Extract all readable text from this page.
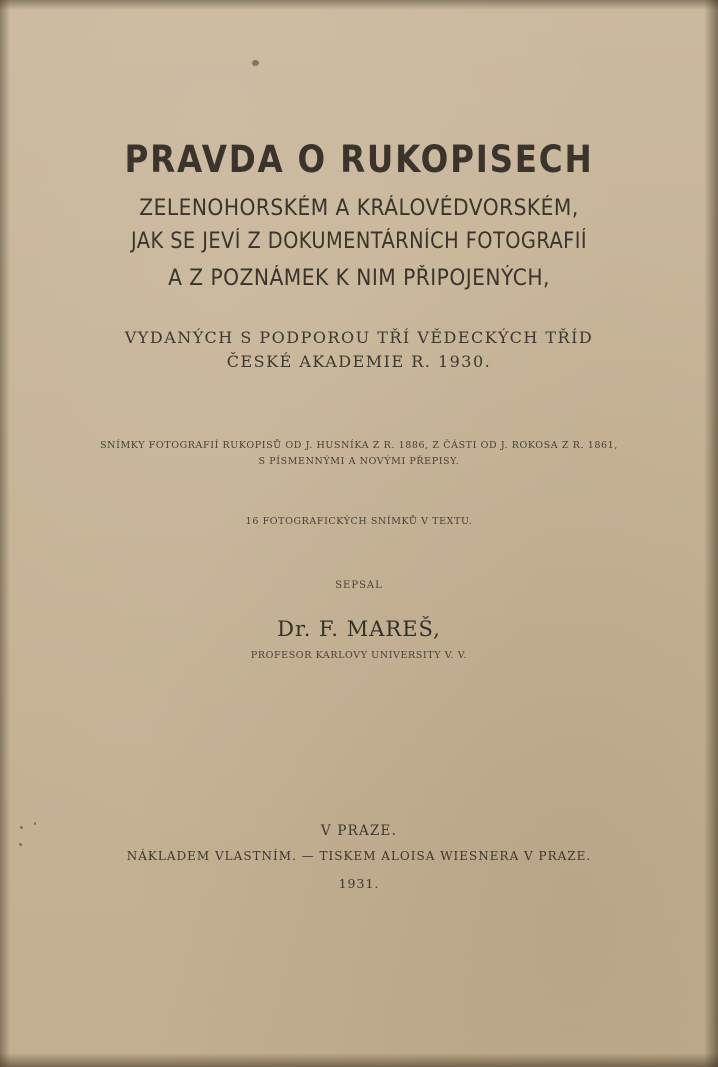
PRAVDA O RUKOPISECH

ZELENOHORSKÉM A KRÁLOVÉDVORSKÉM,

JAK SE JEVÍ Z DOKUMENTÁRNÍCH FOTOGRAFIÍ

A Z POZNÁMEK K NIM PŘIPOJENÝCH,

VYDANÝCH S PODPOROU TŘÍ VĚDECKÝCH TŘÍD

ČESKÉ AKADEMIE R. 1930.

SNÍMKY FOTOGRAFIÍ RUKOPISŮ OD J. HUSNÍKA Z R. 1886, Z ČÁSTI OD J. ROKOSA Z R. 1861,

S PÍSMENNÝMI A NOVÝMI PŘEPISY.

16 FOTOGRAFICKÝCH SNÍMKŮ V TEXTU.

SEPSAL

Dr. F. MAREŠ,

PROFESOR KARLOVY UNIVERSITY V. V.

V PRAZE.

NÁKLADEM VLASTNÍM. — TISKEM ALOISA WIESNERA V PRAZE.

1931.
